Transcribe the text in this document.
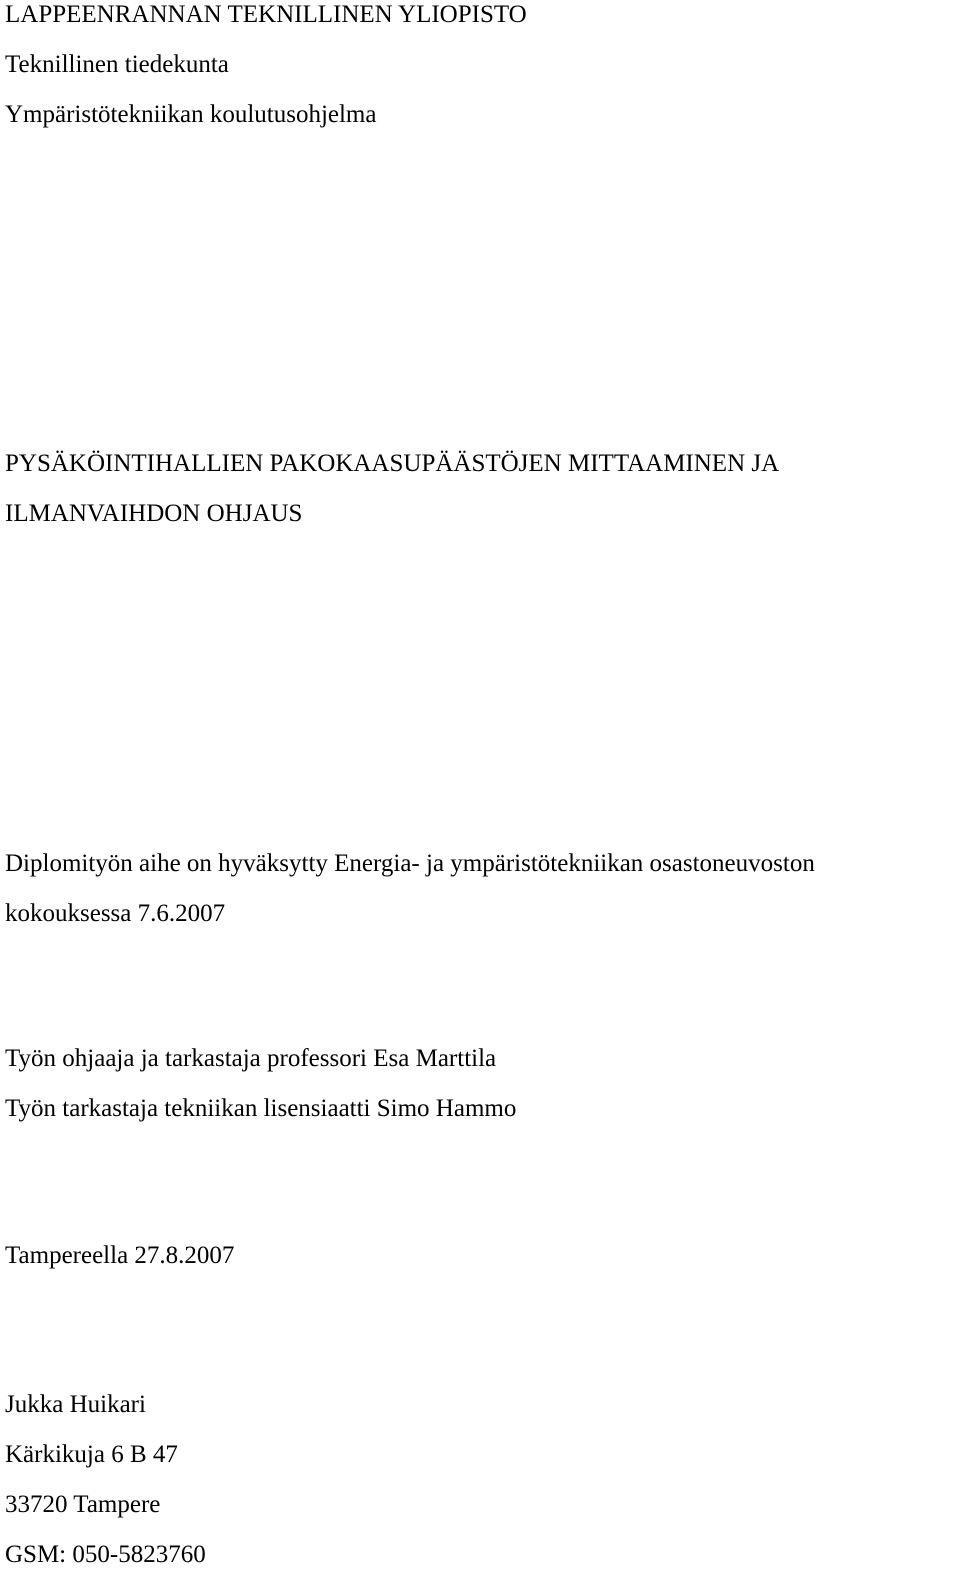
LAPPEENRANNAN TEKNILLINEN YLIOPISTO
Teknillinen tiedekunta
Ympäristötekniikan koulutusohjelma
PYSÄKÖINTIHALLIEN PAKOKAASUPÄÄSTÖJEN MITTAAMINEN JA
ILMANVAIHDON OHJAUS
Diplomityön aihe on hyväksytty Energia- ja ympäristötekniikan osastoneuvoston
kokouksessa 7.6.2007
Työn ohjaaja ja tarkastaja professori Esa Marttila
Työn tarkastaja tekniikan lisensiaatti Simo Hammo
Tampereella 27.8.2007
Jukka Huikari
Kärkikuja 6 B 47
33720 Tampere
GSM: 050-5823760
